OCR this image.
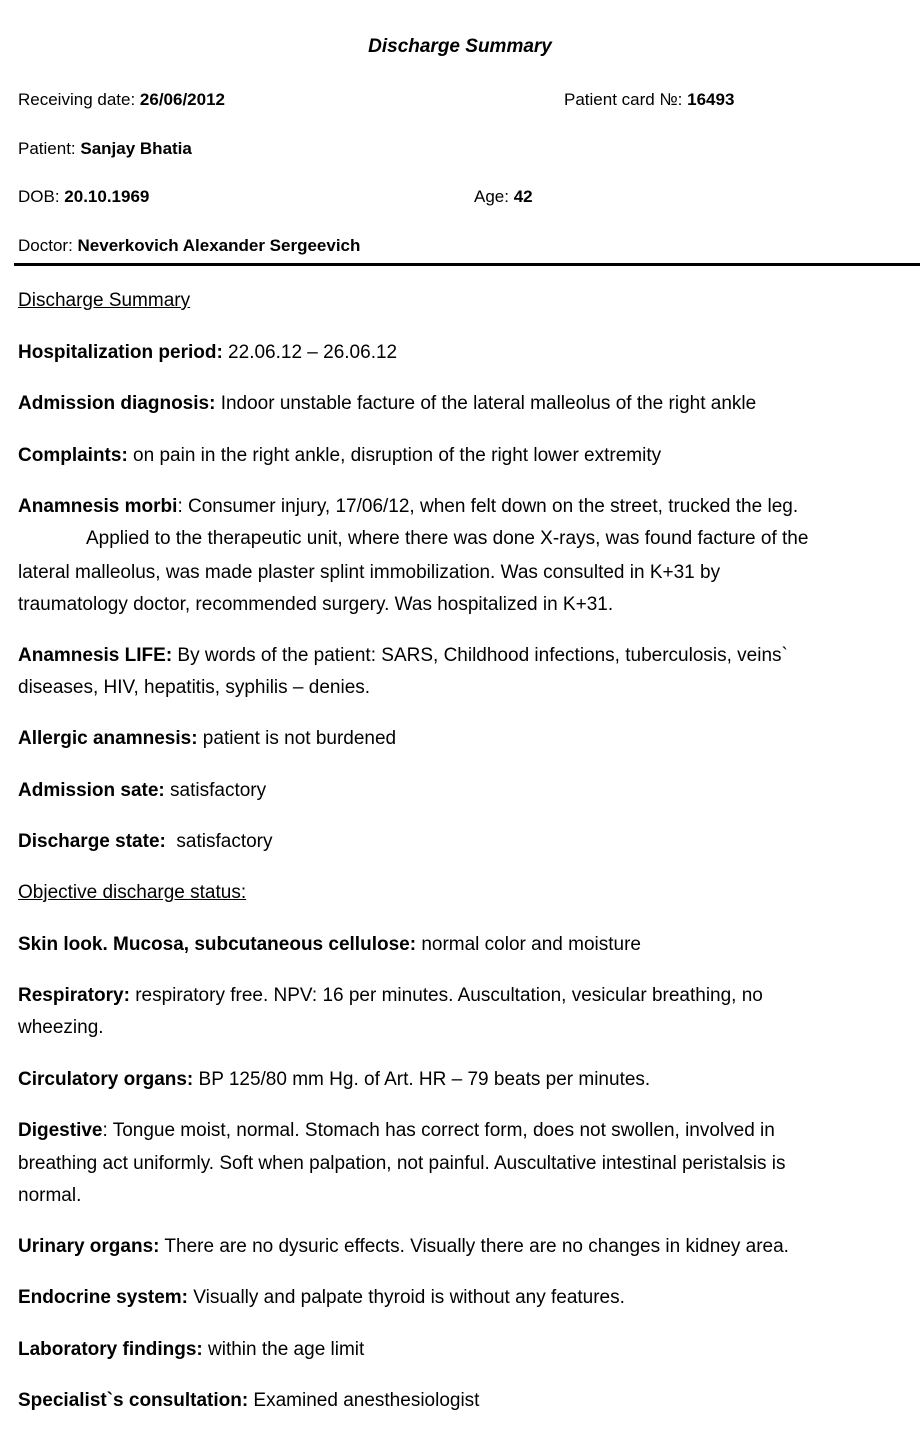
Discharge Summary
Receiving date: 26/06/2012	Patient card №: 16493
Patient: Sanjay Bhatia
DOB: 20.10.1969	Age: 42
Doctor: Neverkovich Alexander Sergeevich
Discharge Summary
Hospitalization period: 22.06.12 – 26.06.12
Admission diagnosis: Indoor unstable facture of the lateral malleolus of the right ankle
Complaints: on pain in the right ankle, disruption of the right lower extremity
Anamnesis morbi: Consumer injury, 17/06/12, when felt down on the street, trucked the leg.
Applied to the therapeutic unit, where there was done X-rays, was found facture of the
lateral malleolus, was made plaster splint immobilization. Was consulted in K+31 by
traumatology doctor, recommended surgery. Was hospitalized in K+31.
Anamnesis LIFE: By words of the patient: SARS, Childhood infections, tuberculosis, veins`
diseases, HIV, hepatitis, syphilis – denies.
Allergic anamnesis: patient is not burdened
Admission sate: satisfactory
Discharge state:  satisfactory
Objective discharge status:
Skin look. Mucosa, subcutaneous cellulose: normal color and moisture
Respiratory: respiratory free. NPV: 16 per minutes. Auscultation, vesicular breathing, no
wheezing.
Circulatory organs: BP 125/80 mm Hg. of Art. HR – 79 beats per minutes.
Digestive: Tongue moist, normal. Stomach has correct form, does not swollen, involved in
breathing act uniformly. Soft when palpation, not painful. Auscultative intestinal peristalsis is
normal.
Urinary organs: There are no dysuric effects. Visually there are no changes in kidney area.
Endocrine system: Visually and palpate thyroid is without any features.
Laboratory findings: within the age limit
Specialist`s consultation: Examined anesthesiologist
